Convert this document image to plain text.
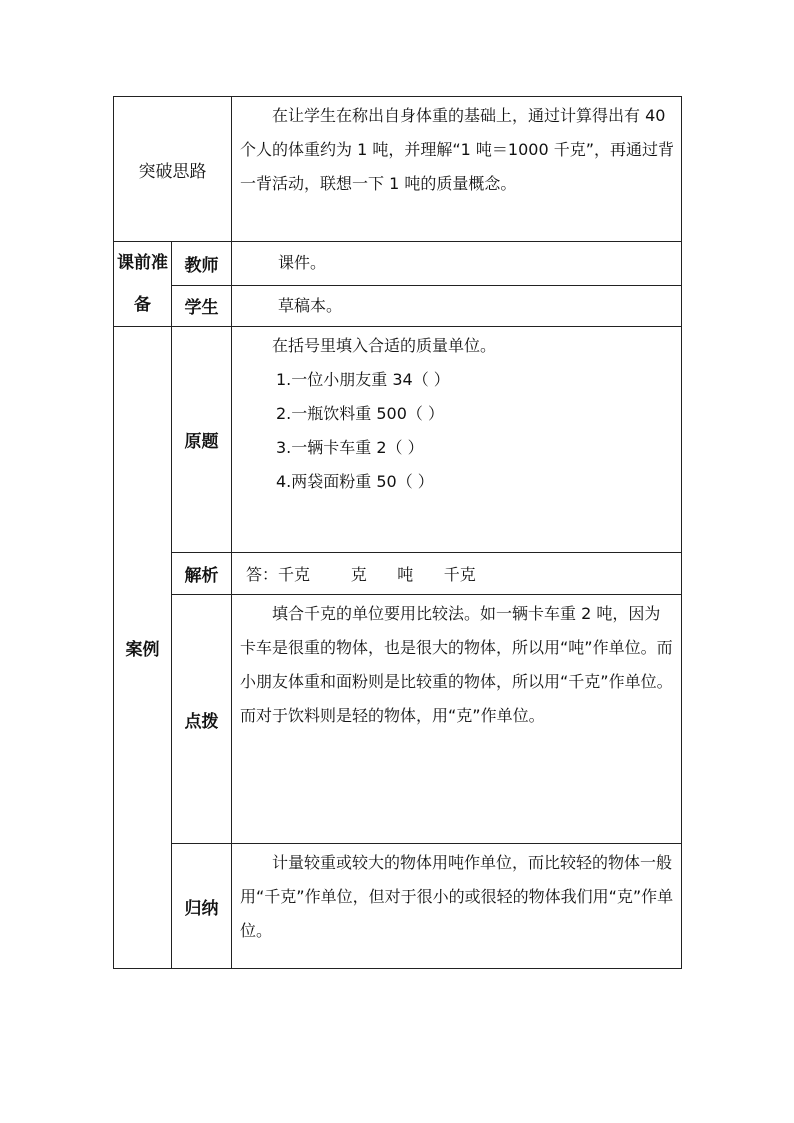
突破思路		在让学生在称出自身体重的基础上，通过计算得出有 40 个人的体重约为 1 吨，并理解“1 吨＝1000 千克”，再通过背一背活动，联想一下 1 吨的质量概念。

课前准备	教师	课件。
	学生	草稿本。
案例	原题	在括号里填入合适的质量单位。

1.一位小朋友重 34（ ）

2.一瓶饮料重 500（ ）

3.一辆卡车重 2（ ）

4.两袋面粉重 50（ ）

	解析	答：千克        克      吨      千克
	点拨	填合千克的单位要用比较法。如一辆卡车重 2 吨，因为卡车是很重的物体，也是很大的物体，所以用“吨”作单位。而小朋友体重和面粉则是比较重的物体，所以用“千克”作单位。而对于饮料则是轻的物体，用“克”作单位。

	归纳	计量较重或较大的物体用吨作单位，而比较轻的物体一般用“千克”作单位，但对于很小的或很轻的物体我们用“克”作单位。
